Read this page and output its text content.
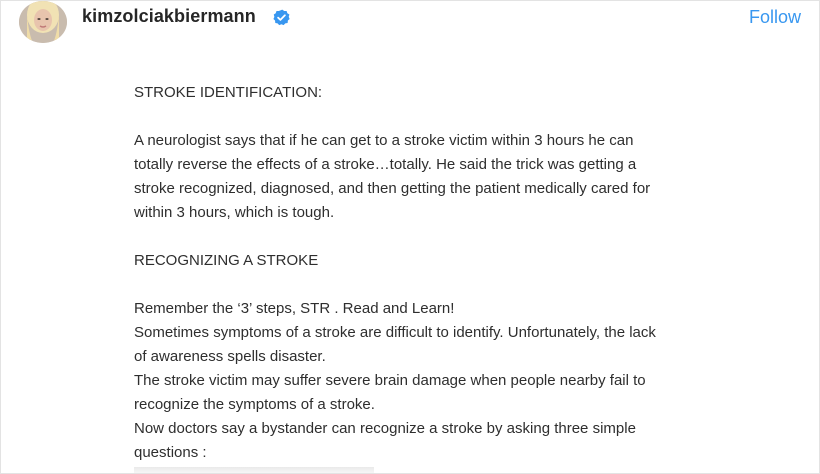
kimzolciakbiermann	Follow

STROKE IDENTIFICATION:

A neurologist says that if he can get to a stroke victim within 3 hours he can

totally reverse the effects of a stroke…totally. He said the trick was getting a

stroke recognized, diagnosed, and then getting the patient medically cared for

within 3 hours, which is tough.

RECOGNIZING A STROKE

Remember the ‘3’ steps, STR . Read and Learn!

Sometimes symptoms of a stroke are difficult to identify. Unfortunately, the lack

of awareness spells disaster.

The stroke victim may suffer severe brain damage when people nearby fail to

recognize the symptoms of a stroke.

Now doctors say a bystander can recognize a stroke by asking three simple

questions :
